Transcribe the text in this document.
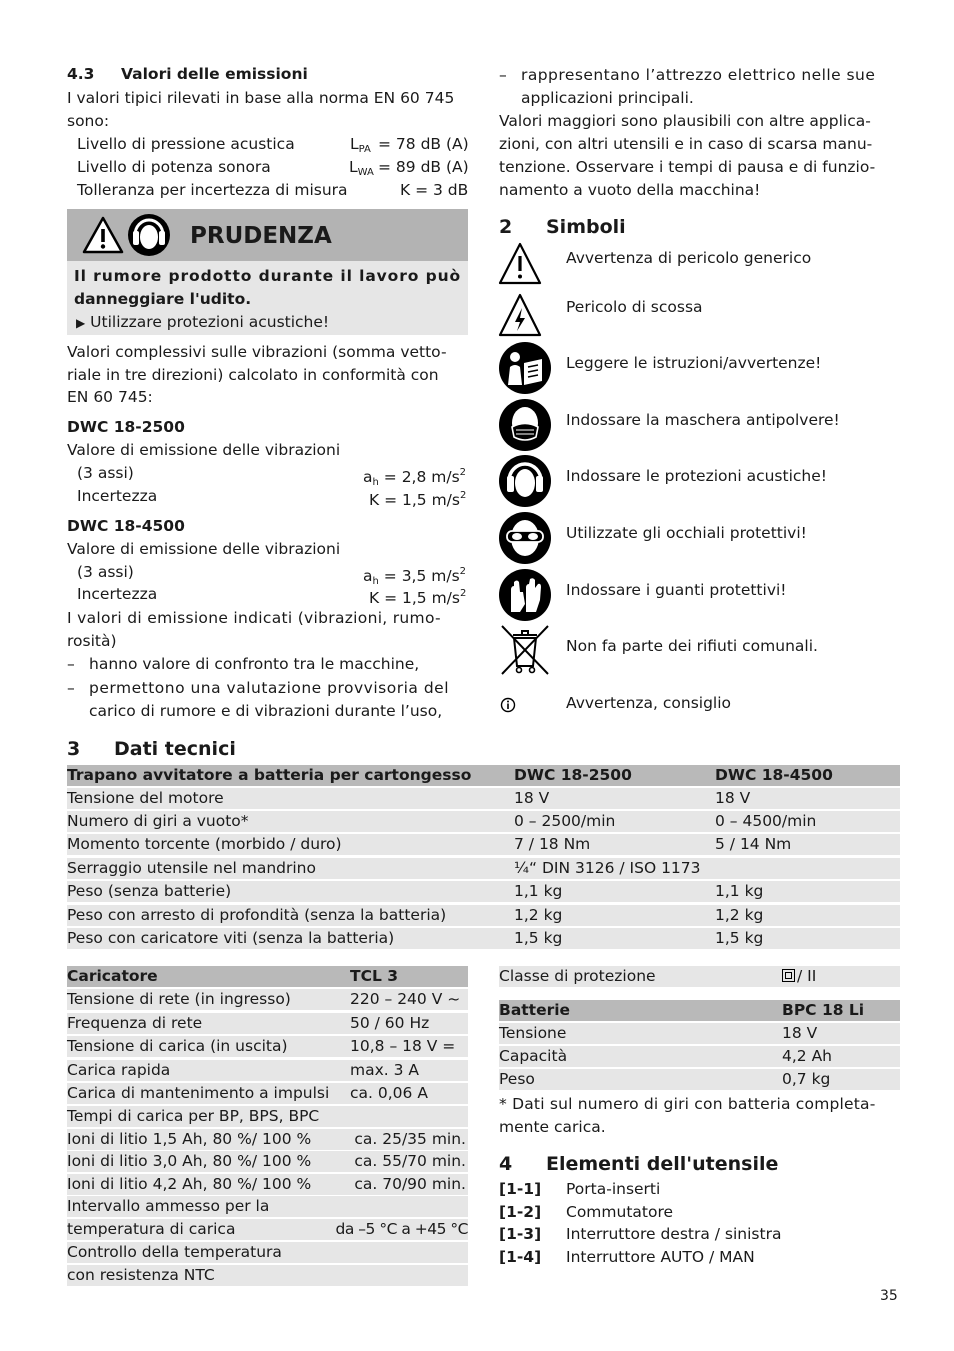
4.3 Valori delle emissioni
I valori tipici rilevati in base alla norma EN 60 745
sono:
Livello di pressione acustica	$L_{PA} = 78$ dB (A)
Livello di potenza sonora	$L_{WA} = 89$ dB (A)
Tolleranza per incertezza di misura	K = 3 dB
PRUDENZA
Il rumore prodotto durante il lavoro può
danneggiare l'udito.
▶ Utilizzare protezioni acustiche!
Valori complessivi sulle vibrazioni (somma vetto-
riale in tre direzioni) calcolato in conformità con
EN 60 745:
DWC 18-2500
Valore di emissione delle vibrazioni
(3 assi)	$a_h = 2,8$ $m/s^2$
Incertezza	K = 1,5 $m/s^2$
DWC 18-4500
Valore di emissione delle vibrazioni
(3 assi)	$a_h = 3,5$ $m/s^2$
Incertezza	K = 1,5 $m/s^2$
I valori di emissione indicati (vibrazioni, rumo-
rosità)
– hanno valore di confronto tra le macchine,
– permettono una valutazione provvisoria del
carico di rumore e di vibrazioni durante l’uso,
– rappresentano l’attrezzo elettrico nelle sue
applicazioni principali.
Valori maggiori sono plausibili con altre applica-
zioni, con altri utensili e in caso di scarsa manu-
tenzione. Osservare i tempi di pausa e di funzio-
namento a vuoto della macchina!
2 Simboli
Avvertenza di pericolo generico
Pericolo di scossa
Leggere le istruzioni/avvertenze!
Indossare la maschera antipolvere!
Indossare le protezioni acustiche!
Utilizzate gli occhiali protettivi!
Indossare i guanti protettivi!
Non fa parte dei rifiuti comunali.
Avvertenza, consiglio
3 Dati tecnici
Trapano avvitatore a batteria per cartongesso	DWC 18-2500	DWC 18-4500
Tensione del motore	18 V	18 V
Numero di giri a vuoto*	0 – 2500/min	0 – 4500/min
Momento torcente (morbido / duro)	7 / 18 Nm	5 / 14 Nm
Serraggio utensile nel mandrino	¼“ DIN 3126 / ISO 1173
Peso (senza batterie)	1,1 kg	1,1 kg
Peso con arresto di profondità (senza la batteria)	1,2 kg	1,2 kg
Peso con caricatore viti (senza la batteria)	1,5 kg	1,5 kg
Caricatore	TCL 3
Tensione di rete (in ingresso)	220 – 240 V ~
Frequenza di rete	50 / 60 Hz
Tensione di carica (in uscita)	10,8 – 18 V =
Carica rapida	max. 3 A
Carica di mantenimento a impulsi ca. 0,06 A
Tempi di carica per BP, BPS, BPC
Ioni di litio 1,5 Ah, 80 %/ 100 %	ca. 25/35 min.
Ioni di litio 3,0 Ah, 80 %/ 100 %	ca. 55/70 min.
Ioni di litio 4,2 Ah, 80 %/ 100 %	ca. 70/90 min.
Intervallo ammesso per la
temperatura di carica	da –5 °C a +45 °C
Controllo della temperatura
con resistenza NTC
Classe di protezione	/ II
Batterie	BPC 18 Li
Tensione	18 V
Capacità	4,2 Ah
Peso	0,7 kg
* Dati sul numero di giri con batteria completa-
mente carica.
4 Elementi dell'utensile
[1-1] Porta-inserti
[1-2] Commutatore
[1-3] Interruttore destra / sinistra
[1-4] Interruttore AUTO / MAN
35
